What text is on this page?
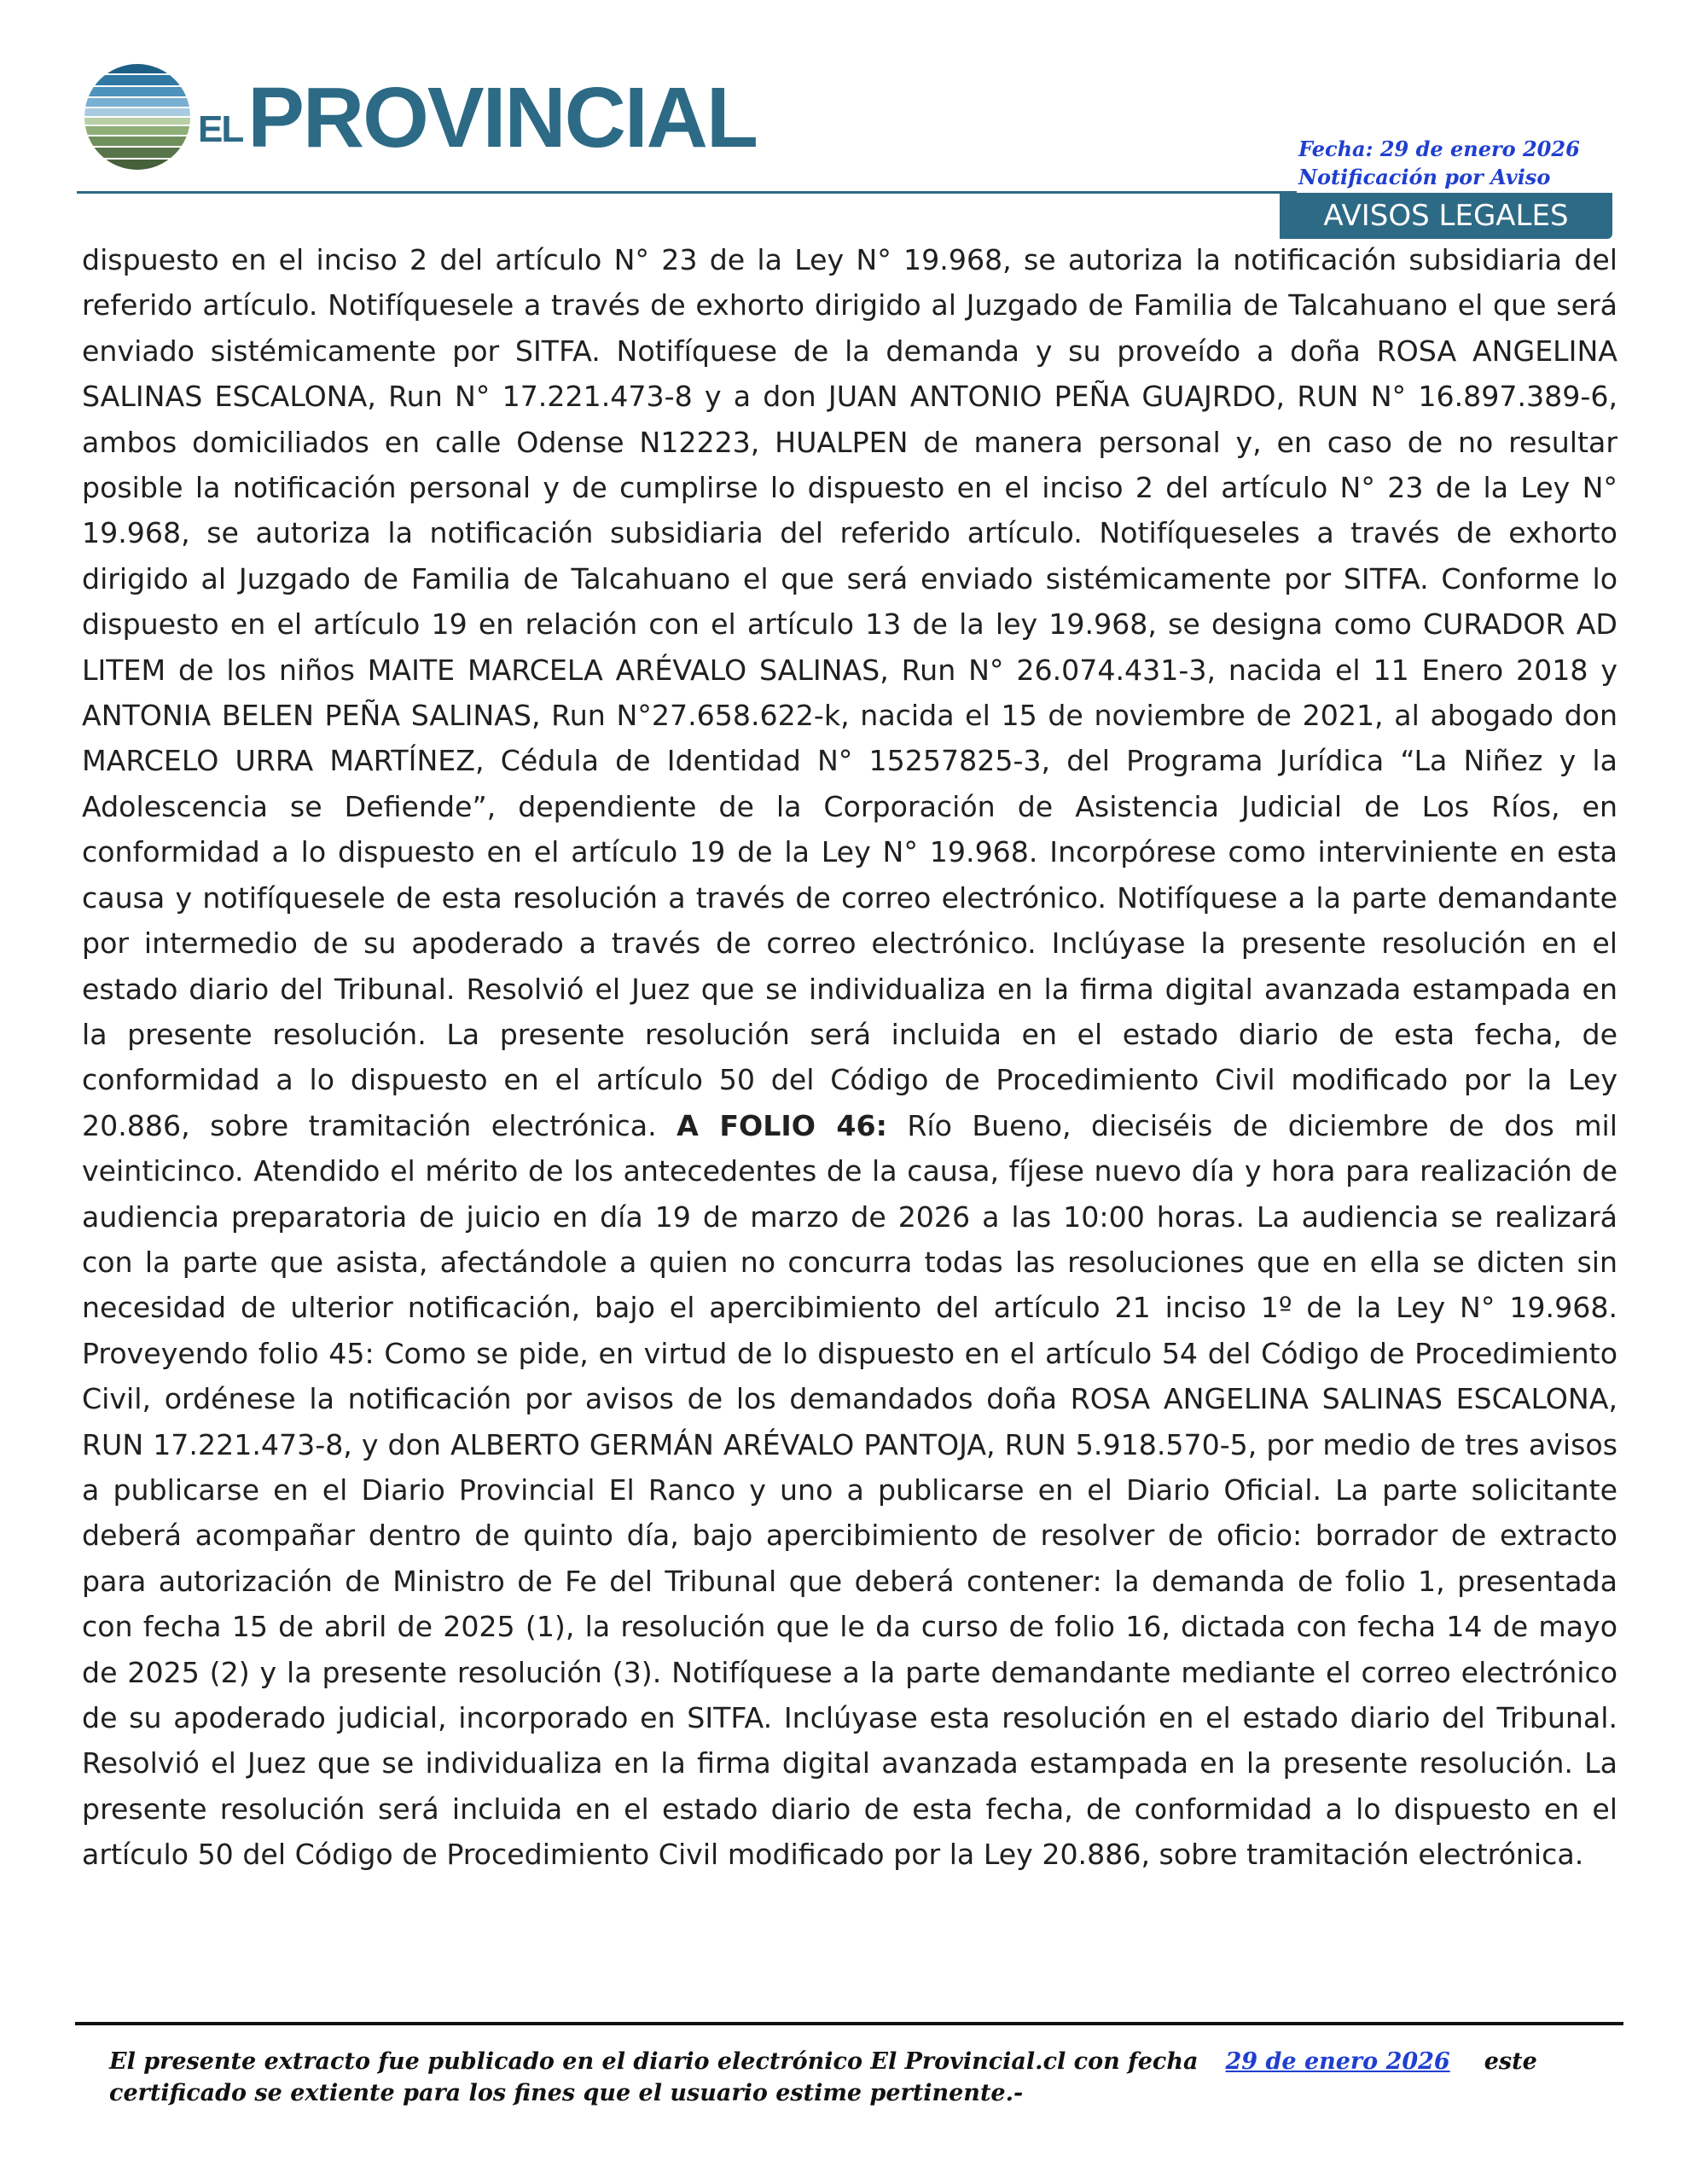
EL PROVINCIAL	Fecha: 29 de enero 2026
Notificación por Aviso
AVISOS LEGALES
dispuesto en el inciso 2 del artículo N° 23 de la Ley N° 19.968, se autoriza la notificación subsidiaria del referido artículo. Notifíquesele a través de exhorto dirigido al Juzgado de Familia de Talcahuano el que será enviado sistémicamente por SITFA. Notifíquese de la demanda y su proveído a doña ROSA ANGELINA SALINAS ESCALONA, Run N° 17.221.473-8 y a don JUAN ANTONIO PEÑA GUAJRDO, RUN N° 16.897.389-6, ambos domiciliados en calle Odense N12223, HUALPEN de manera personal y, en caso de no resultar posible la notificación personal y de cumplirse lo dispuesto en el inciso 2 del artículo N° 23 de la Ley N° 19.968, se autoriza la notificación subsidiaria del referido artículo. Notifíqueseles a través de exhorto dirigido al Juzgado de Familia de Talcahuano el que será enviado sistémicamente por SITFA. Conforme lo dispuesto en el artículo 19 en relación con el artículo 13 de la ley 19.968, se designa como CURADOR AD LITEM de los niños MAITE MARCELA ARÉVALO SALINAS, Run N° 26.074.431-3, nacida el 11 Enero 2018 y ANTONIA BELEN PEÑA SALINAS, Run N°27.658.622-k, nacida el 15 de noviembre de 2021, al abogado don MARCELO URRA MARTÍNEZ, Cédula de Identidad N° 15257825-3, del Programa Jurídica “La Niñez y la Adolescencia se Defiende”, dependiente de la Corporación de Asistencia Judicial de Los Ríos, en conformidad a lo dispuesto en el artículo 19 de la Ley N° 19.968. Incorpórese como interviniente en esta causa y notifíquesele de esta resolución a través de correo electrónico. Notifíquese a la parte demandante por intermedio de su apoderado a través de correo electrónico. Inclúyase la presente resolución en el estado diario del Tribunal. Resolvió el Juez que se individualiza en la firma digital avanzada estampada en la presente resolución. La presente resolución será incluida en el estado diario de esta fecha, de conformidad a lo dispuesto en el artículo 50 del Código de Procedimiento Civil modificado por la Ley 20.886, sobre tramitación electrónica. A FOLIO 46: Río Bueno, dieciséis de diciembre de dos mil veinticinco. Atendido el mérito de los antecedentes de la causa, fíjese nuevo día y hora para realización de audiencia preparatoria de juicio en día 19 de marzo de 2026 a las 10:00 horas. La audiencia se realizará con la parte que asista, afectándole a quien no concurra todas las resoluciones que en ella se dicten sin necesidad de ulterior notificación, bajo el apercibimiento del artículo 21 inciso 1º de la Ley N° 19.968. Proveyendo folio 45: Como se pide, en virtud de lo dispuesto en el artículo 54 del Código de Procedimiento Civil, ordénese la notificación por avisos de los demandados doña ROSA ANGELINA SALINAS ESCALONA, RUN 17.221.473-8, y don ALBERTO GERMÁN ARÉVALO PANTOJA, RUN 5.918.570-5, por medio de tres avisos a publicarse en el Diario Provincial El Ranco y uno a publicarse en el Diario Oficial. La parte solicitante deberá acompañar dentro de quinto día, bajo apercibimiento de resolver de oficio: borrador de extracto para autorización de Ministro de Fe del Tribunal que deberá contener: la demanda de folio 1, presentada con fecha 15 de abril de 2025 (1), la resolución que le da curso de folio 16, dictada con fecha 14 de mayo de 2025 (2) y la presente resolución (3). Notifíquese a la parte demandante mediante el correo electrónico de su apoderado judicial, incorporado en SITFA. Inclúyase esta resolución en el estado diario del Tribunal. Resolvió el Juez que se individualiza en la firma digital avanzada estampada en la presente resolución. La presente resolución será incluida en el estado diario de esta fecha, de conformidad a lo dispuesto en el artículo 50 del Código de Procedimiento Civil modificado por la Ley 20.886, sobre tramitación electrónica.
El presente extracto fue publicado en el diario electrónico El Provincial.cl con fecha 29 de enero 2026 este
certificado se extiente para los fines que el usuario estime pertinente.-
